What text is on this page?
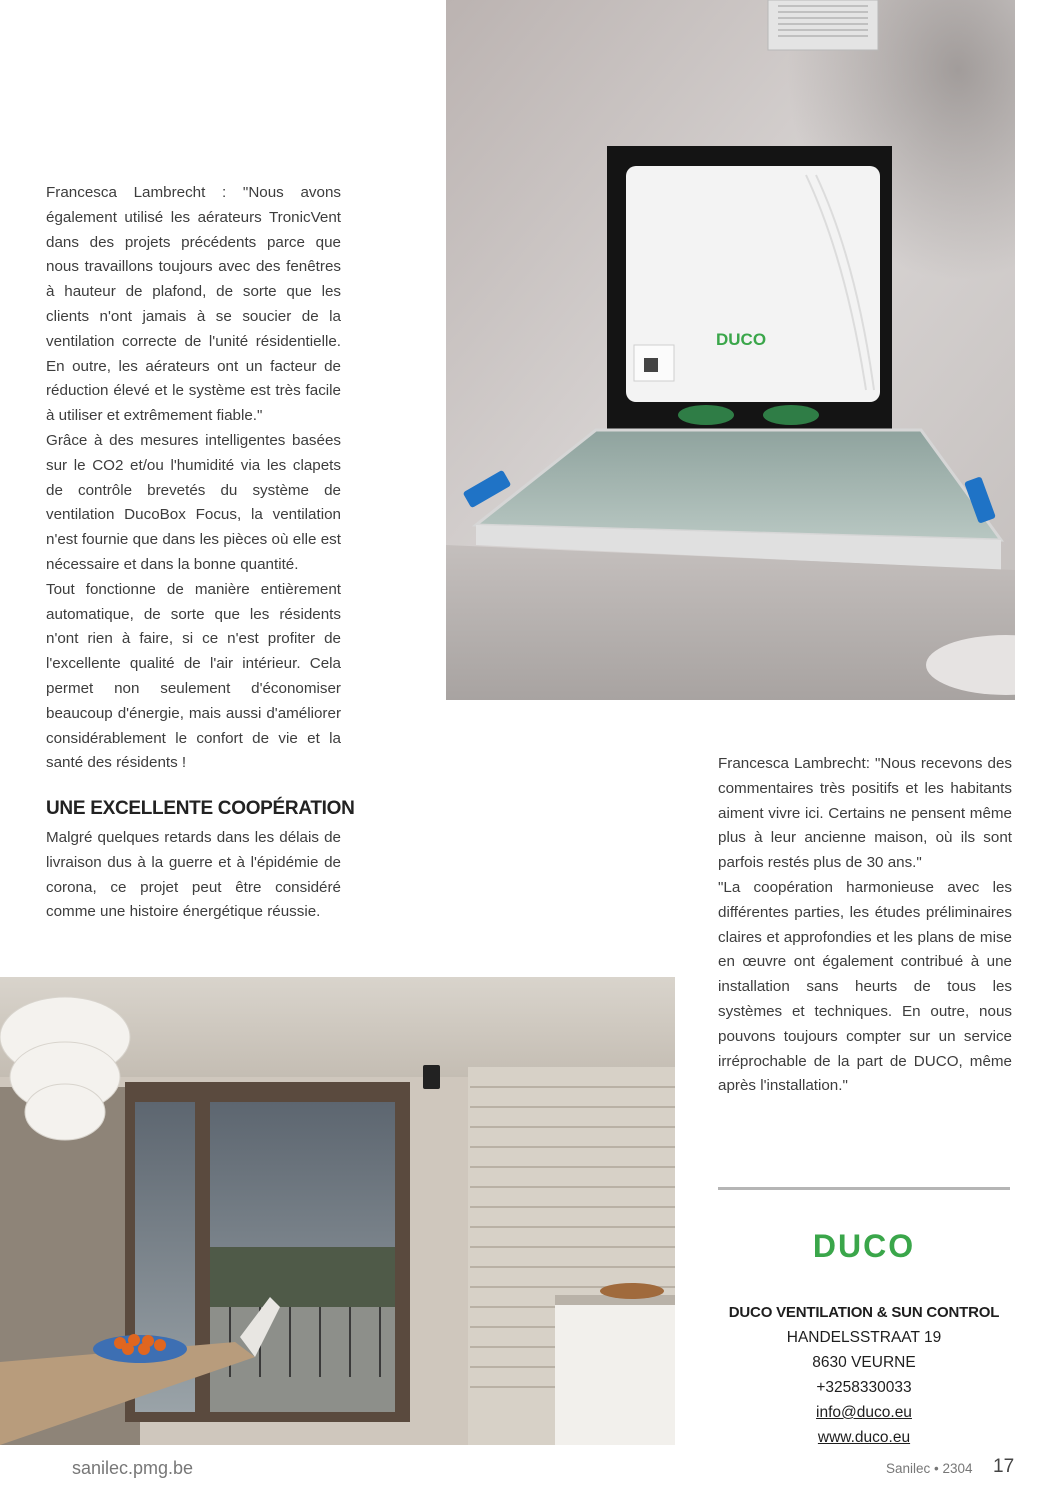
DUCO

Francesca Lambrecht : "Nous avons également utilisé les aérateurs TronicVent dans des projets précédents parce que nous travaillons toujours avec des fenêtres à hauteur de plafond, de sorte que les clients n'ont jamais à se soucier de la ventilation correcte de l'unité résidentielle. En outre, les aérateurs ont un facteur de réduction élevé et le système est très facile à utiliser et extrêmement fiable."

Grâce à des mesures intelligentes basées sur le CO2 et/ou l'humidité via les clapets de contrôle brevetés du système de ventilation DucoBox Focus, la ventilation n'est fournie que dans les pièces où elle est nécessaire et dans la bonne quantité.

Tout fonctionne de manière entièrement automatique, de sorte que les résidents n'ont rien à faire, si ce n'est profiter de l'excellente qualité de l'air intérieur. Cela permet non seulement d'économiser beaucoup d'énergie, mais aussi d'améliorer considérablement le confort de vie et la santé des résidents !

UNE EXCELLENTE COOPÉRATION

Malgré quelques retards dans les délais de livraison dus à la guerre et à l'épidémie de corona, ce projet peut être considéré comme une histoire énergétique réussie.

Francesca Lambrecht: "Nous recevons des commentaires très positifs et les habitants aiment vivre ici. Certains ne pensent même plus à leur ancienne maison, où ils sont parfois restés plus de 30 ans."

"La coopération harmonieuse avec les différentes parties, les études préliminaires claires et approfondies et les plans de mise en œuvre ont également contribué à une installation sans heurts de tous les systèmes et techniques. En outre, nous pouvons toujours compter sur un service irréprochable de la part de DUCO, même après l'installation."

DUCO
DUCO VENTILATION & SUN CONTROL
HANDELSSTRAAT 19
8630 VEURNE
+3258330033
info@duco.eu
www.duco.eu
sanilec.pmg.be	Sanilec • 2304 17
